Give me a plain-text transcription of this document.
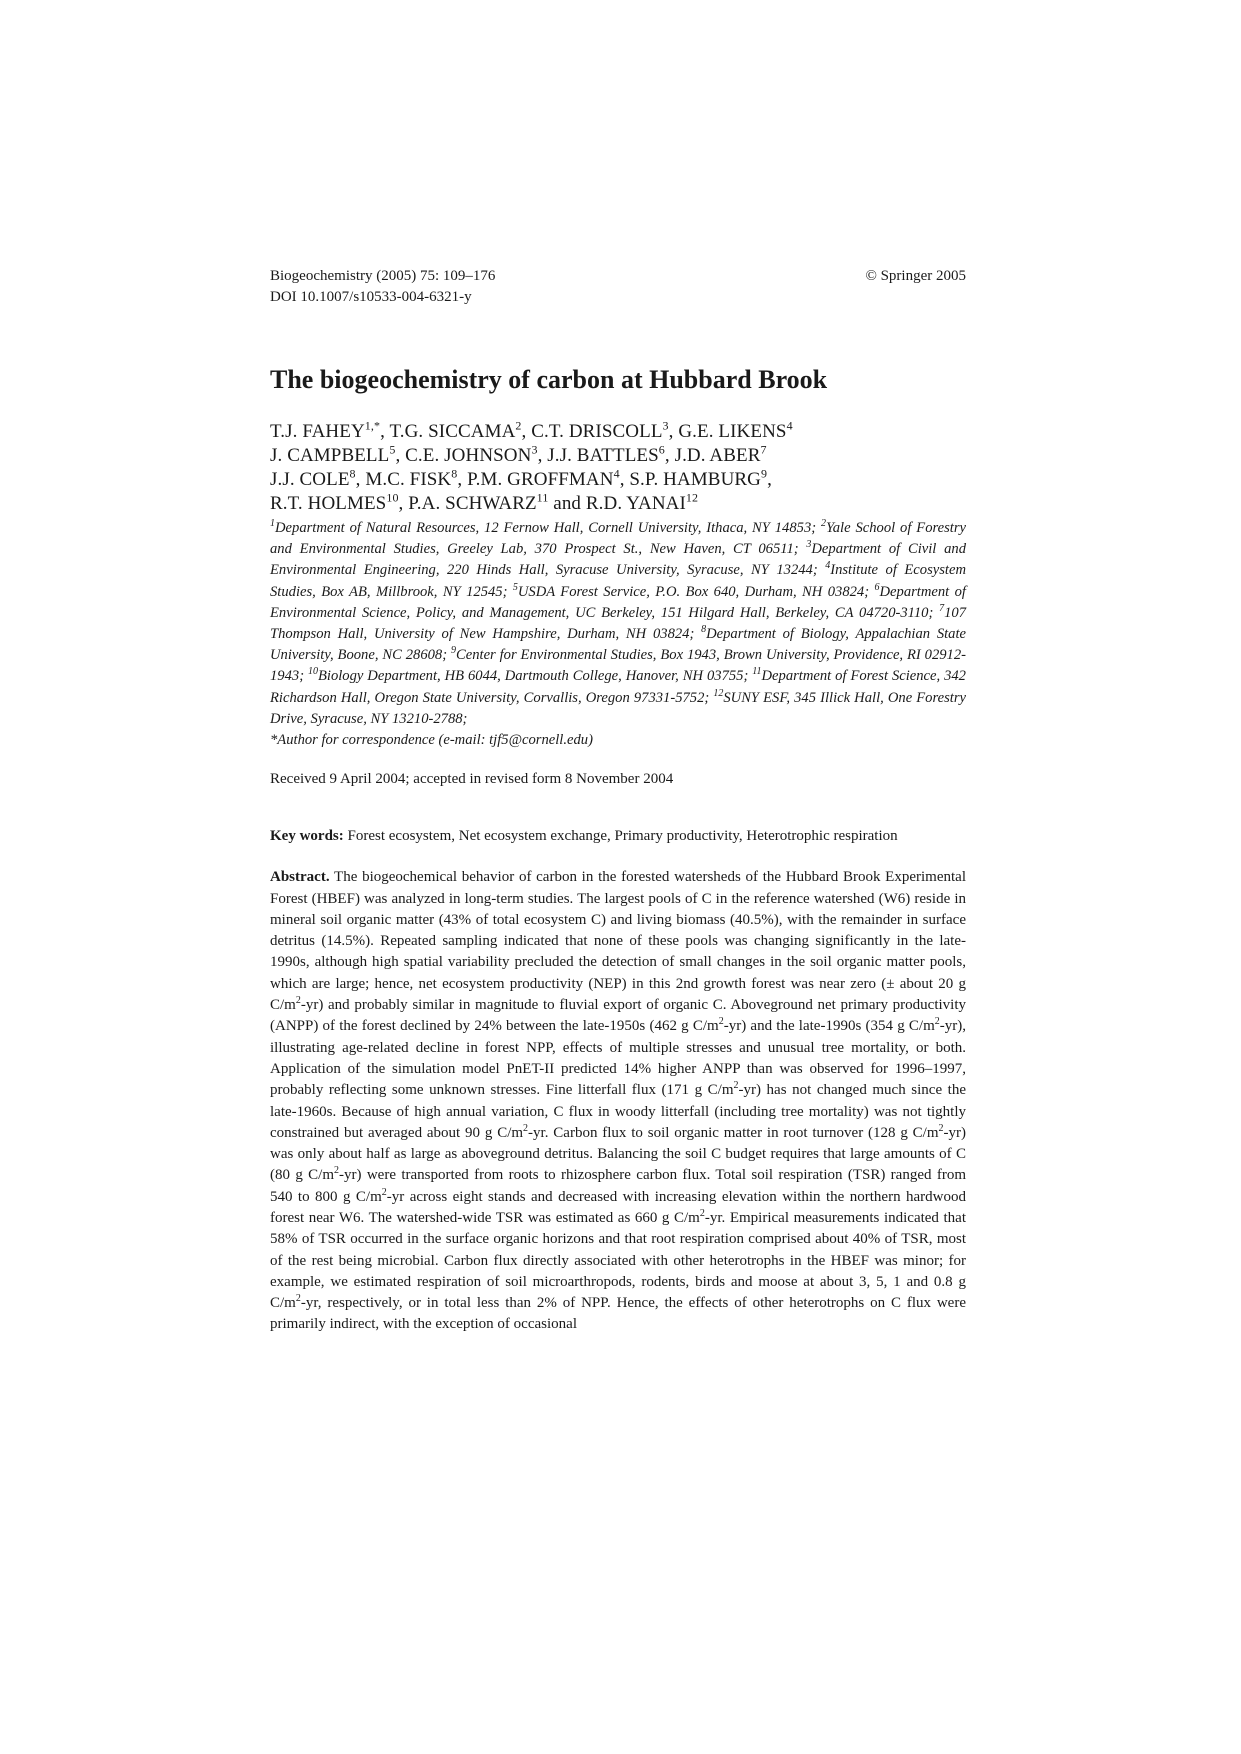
Biogeochemistry (2005) 75: 109–176
DOI 10.1007/s10533-004-6321-y
© Springer 2005
The biogeochemistry of carbon at Hubbard Brook
T.J. $FAHEY^{1,*}$, T.G. SICCAMA$^2$, C.T. DRISCOLL$^3$, G.E. LIKENS$^4$
J. CAMPBELL$^5$, C.E. JOHNSON$^3$, J.J. BATTLES$^6$, J.D. ABER$^7$
J.J. COLE$^8$, M.C. FISK$^8$, P.M. GROFFMAN$^4$, S.P. HAMBURG$^9$,
R.T. HOLMES$^{10}$, P.A. SCHWARZ$^{11}$ and R.D. YANAI$^{12}$
$^1$Department of Natural Resources, 12 Fernow Hall, Cornell University, Ithaca, NY 14853; $^2$Yale School of Forestry and Environmental Studies, Greeley Lab, 370 Prospect St., New Haven, CT 06511; $^3$Department of Civil and Environmental Engineering, 220 Hinds Hall, Syracuse University, Syracuse, NY 13244; $^4$Institute of Ecosystem Studies, Box AB, Millbrook, NY 12545; $^5$USDA Forest Service, P.O. Box 640, Durham, NH 03824; $^6$Department of Environmental Science, Policy, and Management, UC Berkeley, 151 Hilgard Hall, Berkeley, CA 04720-3110; $^7$107 Thompson Hall, University of New Hampshire, Durham, NH 03824; $^8$Department of Biology, Appalachian State University, Boone, NC 28608; $^9$Center for Environmental Studies, Box 1943, Brown University, Providence, RI 02912-1943; $^{10}$Biology Department, HB 6044, Dartmouth College, Hanover, NH 03755; $^{11}$Department of Forest Science, 342 Richardson Hall, Oregon State University, Corvallis, Oregon 97331-5752; $^{12}$SUNY ESF, 345 Illick Hall, One Forestry Drive, Syracuse, NY 13210-2788;
*Author for correspondence (e-mail: tjf5@cornell.edu)
Received 9 April 2004; accepted in revised form 8 November 2004
Key words: Forest ecosystem, Net ecosystem exchange, Primary productivity, Heterotrophic respiration
Abstract. The biogeochemical behavior of carbon in the forested watersheds of the Hubbard Brook Experimental Forest (HBEF) was analyzed in long-term studies. The largest pools of C in the reference watershed (W6) reside in mineral soil organic matter (43% of total ecosystem C) and living biomass (40.5%), with the remainder in surface detritus (14.5%). Repeated sampling indicated that none of these pools was changing significantly in the late-1990s, although high spatial variability precluded the detection of small changes in the soil organic matter pools, which are large; hence, net ecosystem productivity (NEP) in this 2nd growth forest was near zero (± about 20 g $C/m^2-yr$) and probably similar in magnitude to fluvial export of organic C. Aboveground net primary productivity (ANPP) of the forest declined by 24% between the late-1950s (462 g $C/m^2-yr$) and the late-1990s (354 g $C/m^2-yr$), illustrating age-related decline in forest NPP, effects of multiple stresses and unusual tree mortality, or both. Application of the simulation model PnET-II predicted 14% higher ANPP than was observed for 1996–1997, probably reflecting some unknown stresses. Fine litterfall flux (171 g $C/m^2-yr$) has not changed much since the late-1960s. Because of high annual variation, C flux in woody litterfall (including tree mortality) was not tightly constrained but averaged about 90 g $C/m^2-yr$. Carbon flux to soil organic matter in root turnover (128 g $C/m^2-yr$) was only about half as large as aboveground detritus. Balancing the soil C budget requires that large amounts of C (80 g $C/m^2-yr$) were transported from roots to rhizosphere carbon flux. Total soil respiration (TSR) ranged from 540 to 800 g $C/m^2-yr$ across eight stands and decreased with increasing elevation within the northern hardwood forest near W6. The watershed-wide TSR was estimated as 660 g $C/m^2-yr$. Empirical measurements indicated that 58% of TSR occurred in the surface organic horizons and that root respiration comprised about 40% of TSR, most of the rest being microbial. Carbon flux directly associated with other heterotrophs in the HBEF was minor; for example, we estimated respiration of soil microarthropods, rodents, birds and moose at about 3, 5, 1 and 0.8 g $C/m^2-yr$, respectively, or in total less than 2% of NPP. Hence, the effects of other heterotrophs on C flux were primarily indirect, with the exception of occasional
